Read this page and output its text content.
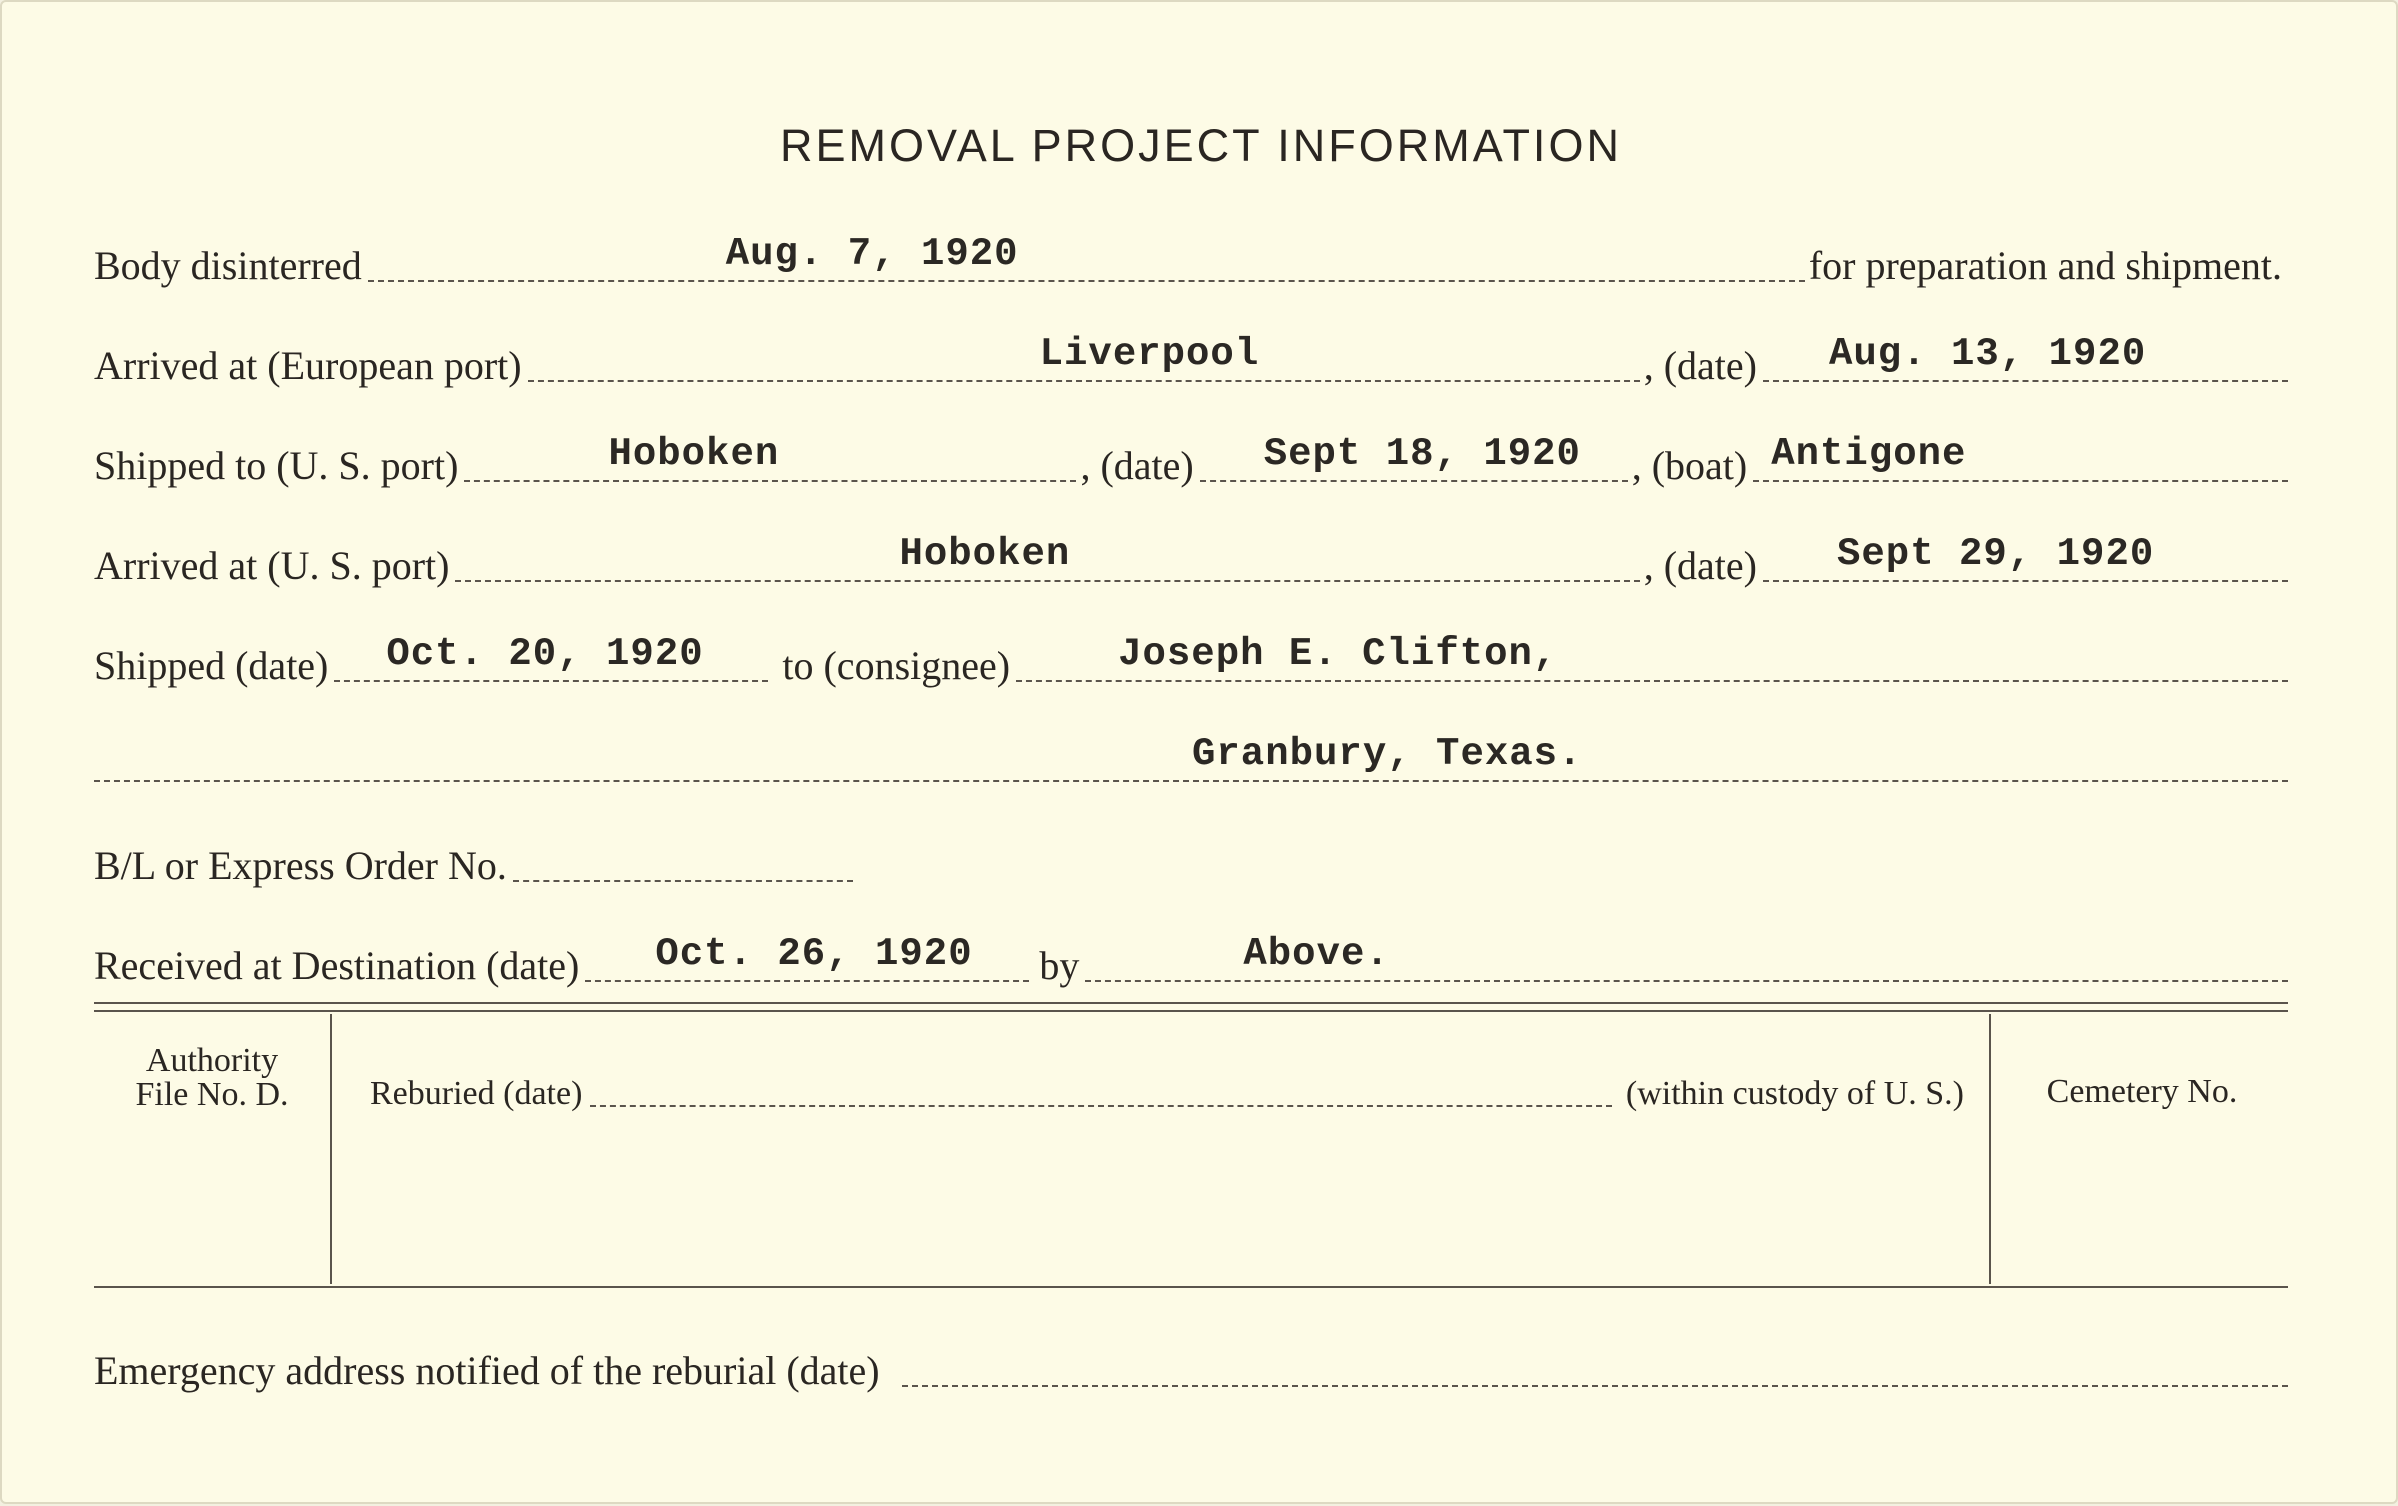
REMOVAL PROJECT INFORMATION
Body disinterred	Aug. 7, 1920	for preparation and shipment.
Arrived at (European port)	Liverpool	, (date) Aug. 13, 1920
Shipped to (U. S. port)	Hoboken	, (date) Sept 18, 1920 , (boat) Antigone
Arrived at (U. S. port)	Hoboken	, (date) Sept 29, 1920
Shipped (date) Oct. 20, 1920	to (consignee)	Joseph E. Clifton,
Granbury, Texas.
B/L or Express Order No.
Received at Destination (date) Oct. 26, 1920 by	Above.
Authority
File No. D.	Reburied (date)	(within custody of U. S.)	Cemetery No.
Emergency address notified of the reburial (date)
